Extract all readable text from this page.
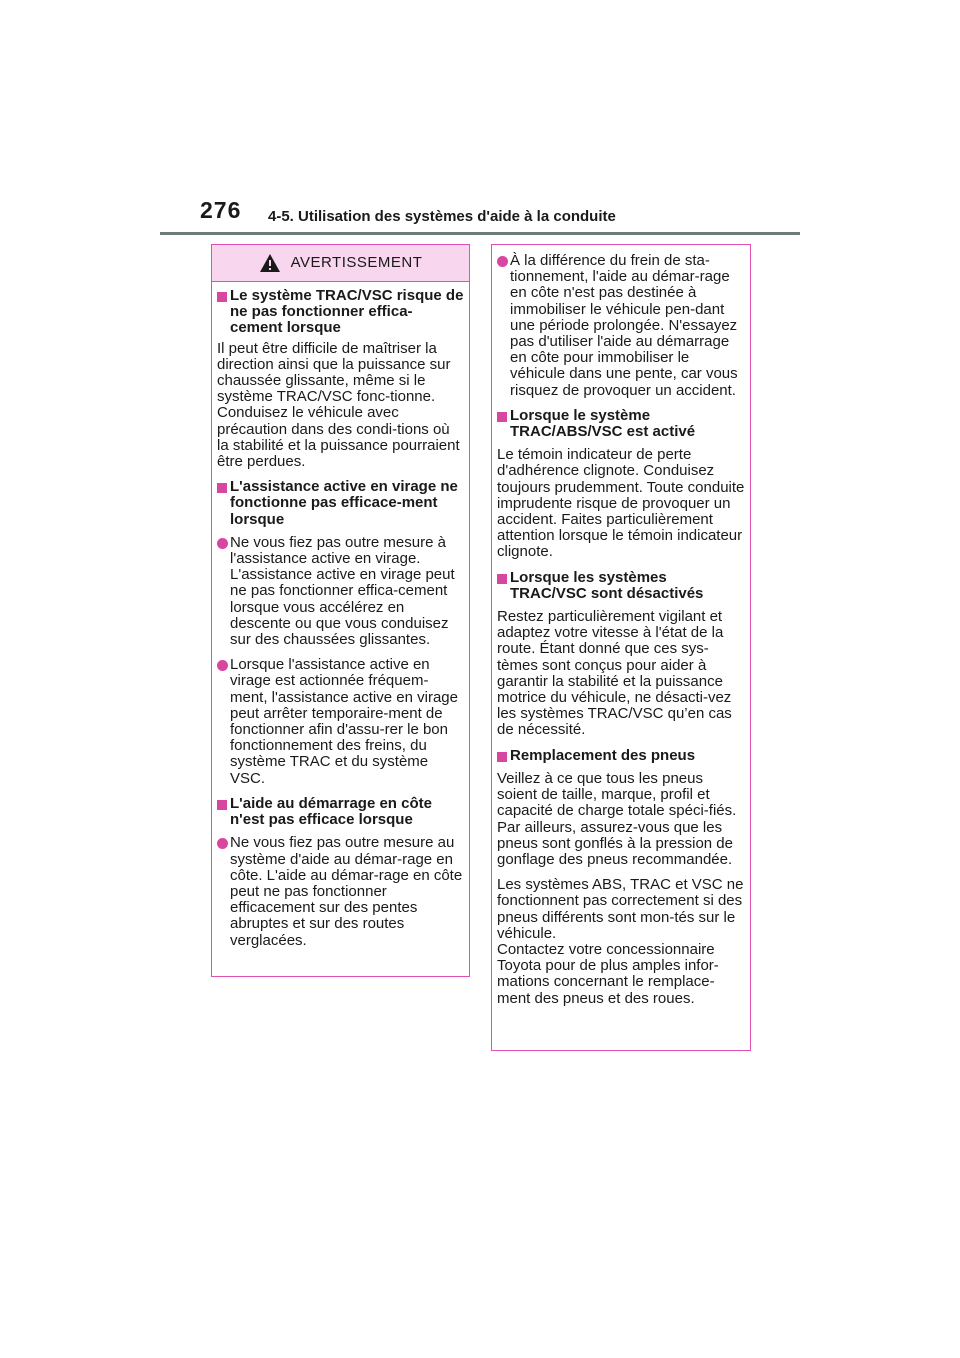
276 4-5. Utilisation des systèmes d'aide à la conduite
AVERTISSEMENT
Le système TRAC/VSC risque de ne pas fonctionner effica-cement lorsque
Il peut être difficile de maîtriser la direction ainsi que la puissance sur chaussée glissante, même si le système TRAC/VSC fonc-tionne. Conduisez le véhicule avec précaution dans des condi-tions où la stabilité et la puissance pourraient être perdues.
L'assistance active en virage ne fonctionne pas efficace-ment lorsque
Ne vous fiez pas outre mesure à l'assistance active en virage. L'assistance active en virage peut ne pas fonctionner effica-cement lorsque vous accélérez en descente ou que vous conduisez sur des chaussées glissantes.
Lorsque l'assistance active en virage est actionnée fréquem-ment, l'assistance active en virage peut arrêter temporaire-ment de fonctionner afin d'assu-rer le bon fonctionnement des freins, du système TRAC et du système VSC.
L'aide au démarrage en côte n'est pas efficace lorsque
Ne vous fiez pas outre mesure au système d'aide au démar-rage en côte. L'aide au démar-rage en côte peut ne pas fonctionner efficacement sur des pentes abruptes et sur des routes verglacées.
À la différence du frein de sta-tionnement, l'aide au démar-rage en côte n'est pas destinée à immobiliser le véhicule pen-dant une période prolongée. N'essayez pas d'utiliser l'aide au démarrage en côte pour immobiliser le véhicule dans une pente, car vous risquez de provoquer un accident.
Lorsque le système TRAC/ABS/VSC est activé
Le témoin indicateur de perte d'adhérence clignote. Conduisez toujours prudemment. Toute conduite imprudente risque de provoquer un accident. Faites particulièrement attention lorsque le témoin indicateur clignote.
Lorsque les systèmes TRAC/VSC sont désactivés
Restez particulièrement vigilant et adaptez votre vitesse à l'état de la route. Étant donné que ces sys-tèmes sont conçus pour aider à garantir la stabilité et la puissance motrice du véhicule, ne désacti-vez les systèmes TRAC/VSC qu’en cas de nécessité.
Remplacement des pneus
Veillez à ce que tous les pneus soient de taille, marque, profil et capacité de charge totale spéci-fiés. Par ailleurs, assurez-vous que les pneus sont gonflés à la pression de gonflage des pneus recommandée.
Les systèmes ABS, TRAC et VSC ne fonctionnent pas correctement si des pneus différents sont mon-tés sur le véhicule.
Contactez votre concessionnaire Toyota pour de plus amples infor-mations concernant le remplace-ment des pneus et des roues.
